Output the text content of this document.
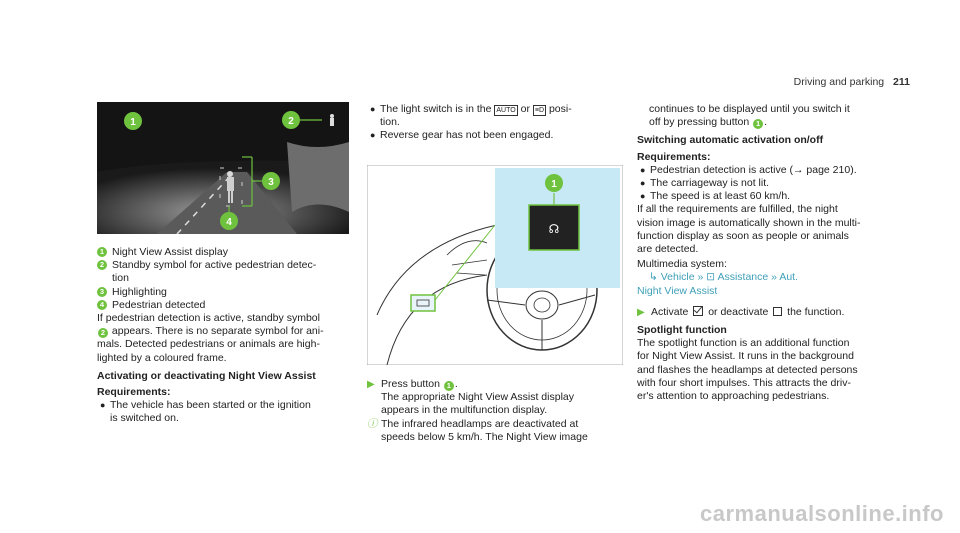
Driving and parking 211
1	2
3
4
1 Night View Assist display
2 Standby symbol for active pedestrian detec-
tion
3 Highlighting
4 Pedestrian detected
If pedestrian detection is active, standby symbol
2 appears. There is no separate symbol for ani-
mals. Detected pedestrians or animals are high-
lighted by a coloured frame.
Activating or deactivating Night View Assist
Requirements:
● The vehicle has been started or the ignition
is switched on.
● The light switch is in the AUTO or ≡D posi-
tion.
● Reverse gear has not been engaged.
☊
1
▶ Press button 1 .
The appropriate Night View Assist display
appears in the multifunction display.
ⓘ The infrared headlamps are deactivated at
speeds below 5 km/h. The Night View image
continues to be displayed until you switch it
off by pressing button 1 .
Switching automatic activation on/off
Requirements:
● Pedestrian detection is active (→ page 210).
● The carriageway is not lit.
● The speed is at least 60 km/h.
If all the requirements are fulfilled, the night
vision image is automatically shown in the multi-
function display as soon as people or animals
are detected.
Multimedia system:
↳ Vehicle » ⊡ Assistance » Aut.
Night View Assist
▶ Activate or deactivate the function.
Spotlight function
The spotlight function is an additional function
for Night View Assist. It runs in the background
and flashes the headlamps at detected persons
with four short impulses. This attracts the driv-
er's attention to approaching pedestrians.
carmanualsonline.info
